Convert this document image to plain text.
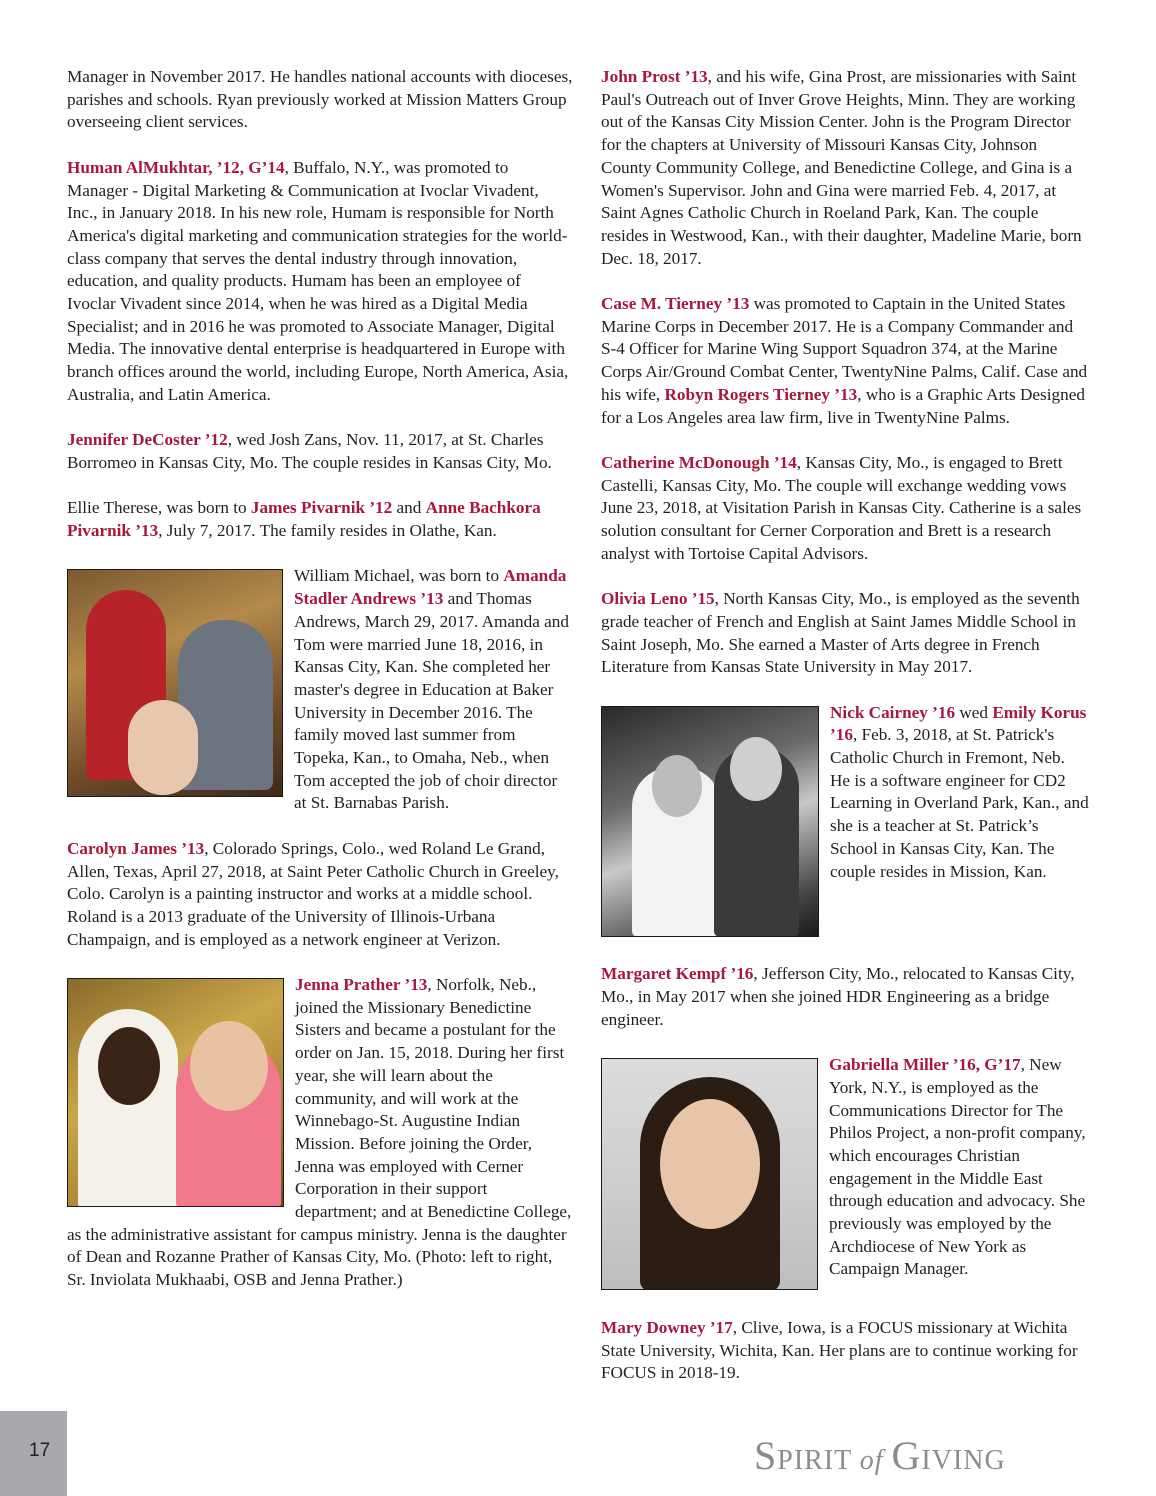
Manager in November 2017. He handles national accounts with dioceses, parishes and schools. Ryan previously worked at Mission Matters Group overseeing client services.

Human AlMukhtar, ’12, G’14, Buffalo, N.Y., was promoted to Manager - Digital Marketing & Communication at Ivoclar Vivadent, Inc., in January 2018. In his new role, Humam is responsible for North America's digital marketing and communication strategies for the world-class company that serves the dental industry through innovation, education, and quality products. Humam has been an employee of Ivoclar Vivadent since 2014, when he was hired as a Digital Media Specialist; and in 2016 he was promoted to Associate Manager, Digital Media. The innovative dental enterprise is headquartered in Europe with branch offices around the world, including Europe, North America, Asia, Australia, and Latin America.

Jennifer DeCoster ’12, wed Josh Zans, Nov. 11, 2017, at St. Charles Borromeo in Kansas City, Mo. The couple resides in Kansas City, Mo.

Ellie Therese, was born to James Pivarnik ’12 and Anne Bachkora Pivarnik ’13, July 7, 2017. The family resides in Olathe, Kan.

William Michael, was born to Amanda Stadler Andrews ’13 and Thomas Andrews, March 29, 2017. Amanda and Tom were married June 18, 2016, in Kansas City, Kan. She completed her master's degree in Education at Baker University in December 2016. The family moved last summer from Topeka, Kan., to Omaha, Neb., when Tom accepted the job of choir director at St. Barnabas Parish.

Carolyn James ’13, Colorado Springs, Colo., wed Roland Le Grand, Allen, Texas, April 27, 2018, at Saint Peter Catholic Church in Greeley, Colo. Carolyn is a painting instructor and works at a middle school. Roland is a 2013 graduate of the University of Illinois-Urbana Champaign, and is employed as a network engineer at Verizon.

Jenna Prather ’13, Norfolk, Neb., joined the Missionary Benedictine Sisters and became a postulant for the order on Jan. 15, 2018. During her first year, she will learn about the community, and will work at the Winnebago-St. Augustine Indian Mission. Before joining the Order, Jenna was employed with Cerner Corporation in their support department; and at Benedictine College, as the administrative assistant for campus ministry. Jenna is the daughter of Dean and Rozanne Prather of Kansas City, Mo. (Photo: left to right, Sr. Inviolata Mukhaabi, OSB and Jenna Prather.)

John Prost ’13, and his wife, Gina Prost, are missionaries with Saint Paul's Outreach out of Inver Grove Heights, Minn. They are working out of the Kansas City Mission Center. John is the Program Director for the chapters at University of Missouri Kansas City, Johnson County Community College, and Benedictine College, and Gina is a Women's Supervisor. John and Gina were married Feb. 4, 2017, at Saint Agnes Catholic Church in Roeland Park, Kan. The couple resides in Westwood, Kan., with their daughter, Madeline Marie, born Dec. 18, 2017.

Case M. Tierney ’13 was promoted to Captain in the United States Marine Corps in December 2017. He is a Company Commander and S-4 Officer for Marine Wing Support Squadron 374, at the Marine Corps Air/Ground Combat Center, TwentyNine Palms, Calif. Case and his wife, Robyn Rogers Tierney ’13, who is a Graphic Arts Designed for a Los Angeles area law firm, live in TwentyNine Palms.

Catherine McDonough ’14, Kansas City, Mo., is engaged to Brett Castelli, Kansas City, Mo. The couple will exchange wedding vows June 23, 2018, at Visitation Parish in Kansas City. Catherine is a sales solution consultant for Cerner Corporation and Brett is a research analyst with Tortoise Capital Advisors.

Olivia Leno ’15, North Kansas City, Mo., is employed as the seventh grade teacher of French and English at Saint James Middle School in Saint Joseph, Mo. She earned a Master of Arts degree in French Literature from Kansas State University in May 2017.

Nick Cairney ’16 wed Emily Korus ’16, Feb. 3, 2018, at St. Patrick's Catholic Church in Fremont, Neb. He is a software engineer for CD2 Learning in Overland Park, Kan., and she is a teacher at St. Patrick’s School in Kansas City, Kan. The couple resides in Mission, Kan.

Margaret Kempf ’16, Jefferson City, Mo., relocated to Kansas City, Mo., in May 2017 when she joined HDR Engineering as a bridge engineer.

Gabriella Miller ’16, G’17, New York, N.Y., is employed as the Communications Director for The Philos Project, a non-profit company, which encourages Christian engagement in the Middle East through education and advocacy. She previously was employed by the Archdiocese of New York as Campaign Manager.

Mary Downey ’17, Clive, Iowa, is a FOCUS missionary at Wichita State University, Wichita, Kan. Her plans are to continue working for FOCUS in 2018-19.

17	SPIRIT of GIVING
